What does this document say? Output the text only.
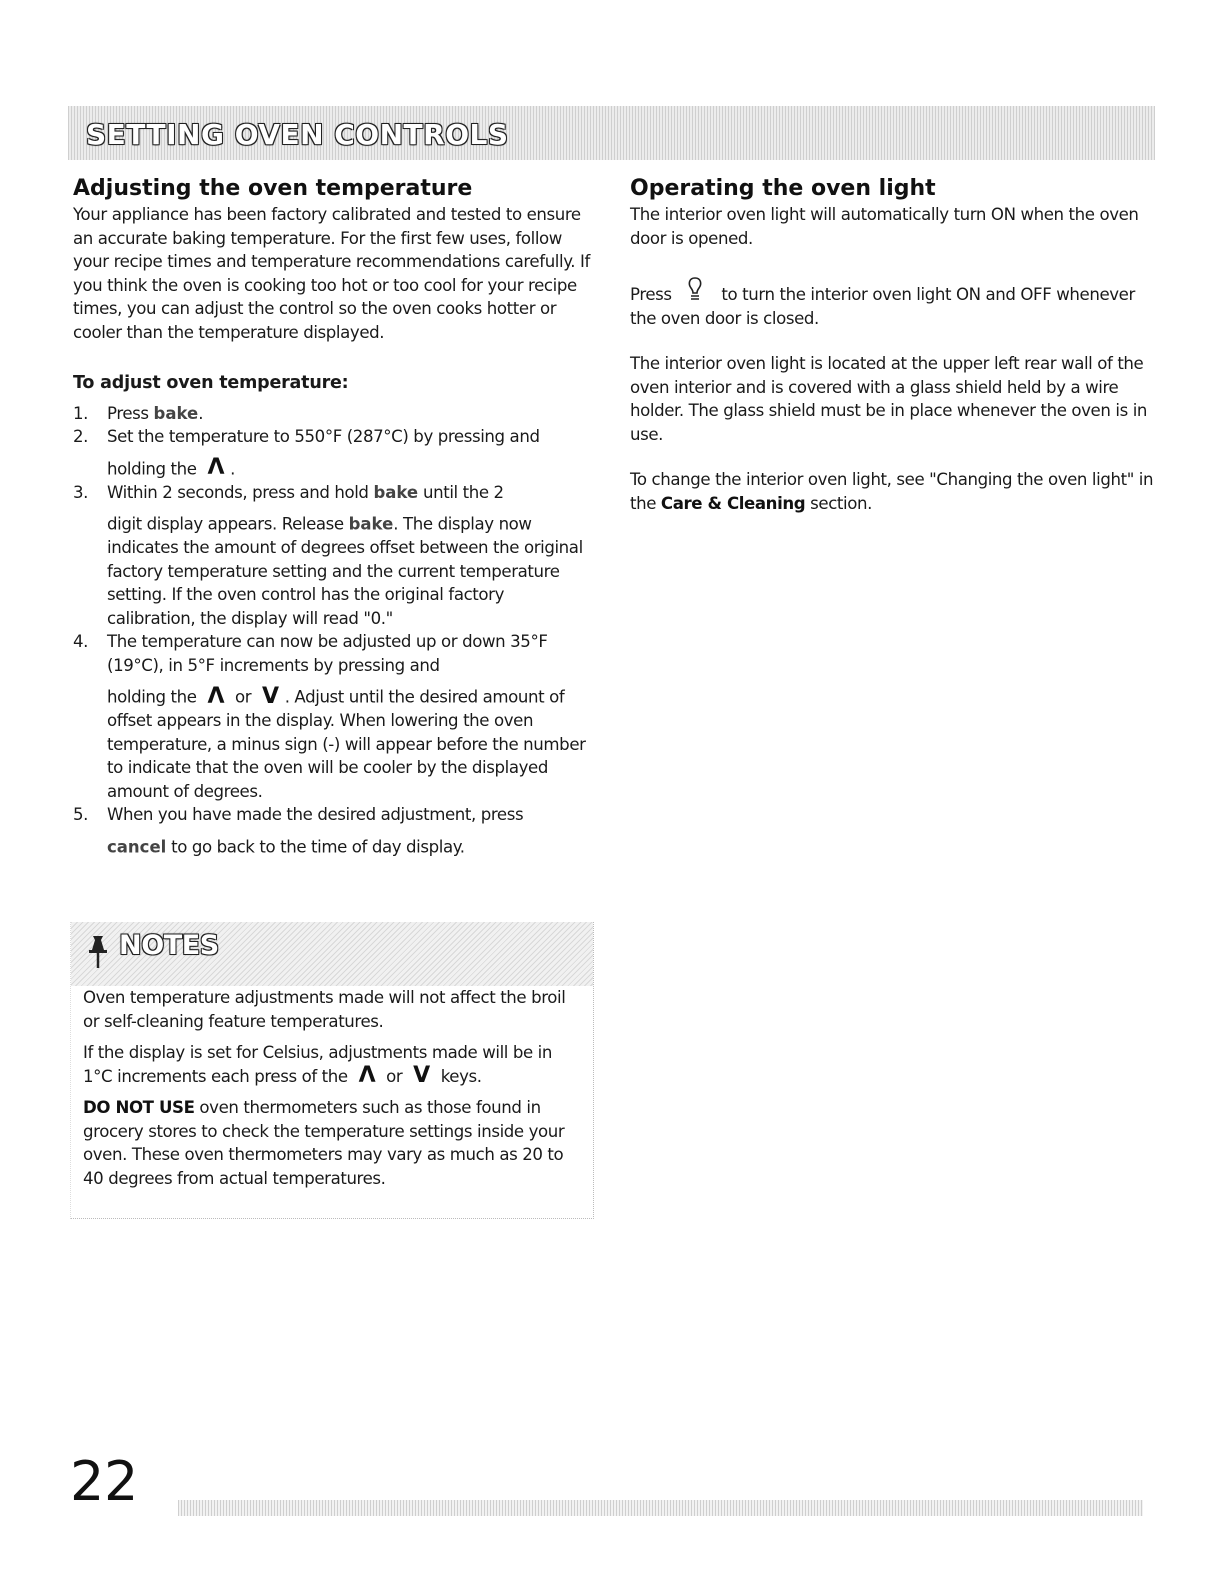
SETTING OVEN CONTROLS
Adjusting the oven temperature

Your appliance has been factory calibrated and tested to ensure an accurate baking temperature. For the first few uses, follow your recipe times and temperature recommendations carefully. If you think the oven is cooking too hot or too cool for your recipe times, you can adjust the control so the oven cooks hotter or cooler than the temperature displayed.

To adjust oven temperature:

1. Press bake.
2. Set the temperature to 550°F (287°C) by pressing and
holding the Λ .
3. Within 2 seconds, press and hold bake until the 2
digit display appears. Release bake. The display now indicates the amount of degrees offset between the original factory temperature setting and the current temperature setting. If the oven control has the original factory calibration, the display will read "0."
4. The temperature can now be adjusted up or down 35°F (19°C), in 5°F increments by pressing and
holding the Λ or V . Adjust until the desired amount of offset appears in the display. When lowering the oven temperature, a minus sign (-) will appear before the number to indicate that the oven will be cooler by the displayed amount of degrees.
5. When you have made the desired adjustment, press
cancel to go back to the time of day display.

NOTES

Oven temperature adjustments made will not affect the broil or self-cleaning feature temperatures.

If the display is set for Celsius, adjustments made will be in 1°C increments each press of the Λ or V keys.

DO NOT USE oven thermometers such as those found in grocery stores to check the temperature settings inside your oven. These oven thermometers may vary as much as 20 to 40 degrees from actual temperatures.

Operating the oven light

The interior oven light will automatically turn ON when the oven door is opened.

Press	to turn the interior oven light ON and OFF whenever the oven door is closed.

The interior oven light is located at the upper left rear wall of the oven interior and is covered with a glass shield held by a wire holder. The glass shield must be in place whenever the oven is in use.

To change the interior oven light, see "Changing the oven light" in the Care & Cleaning section.

22
